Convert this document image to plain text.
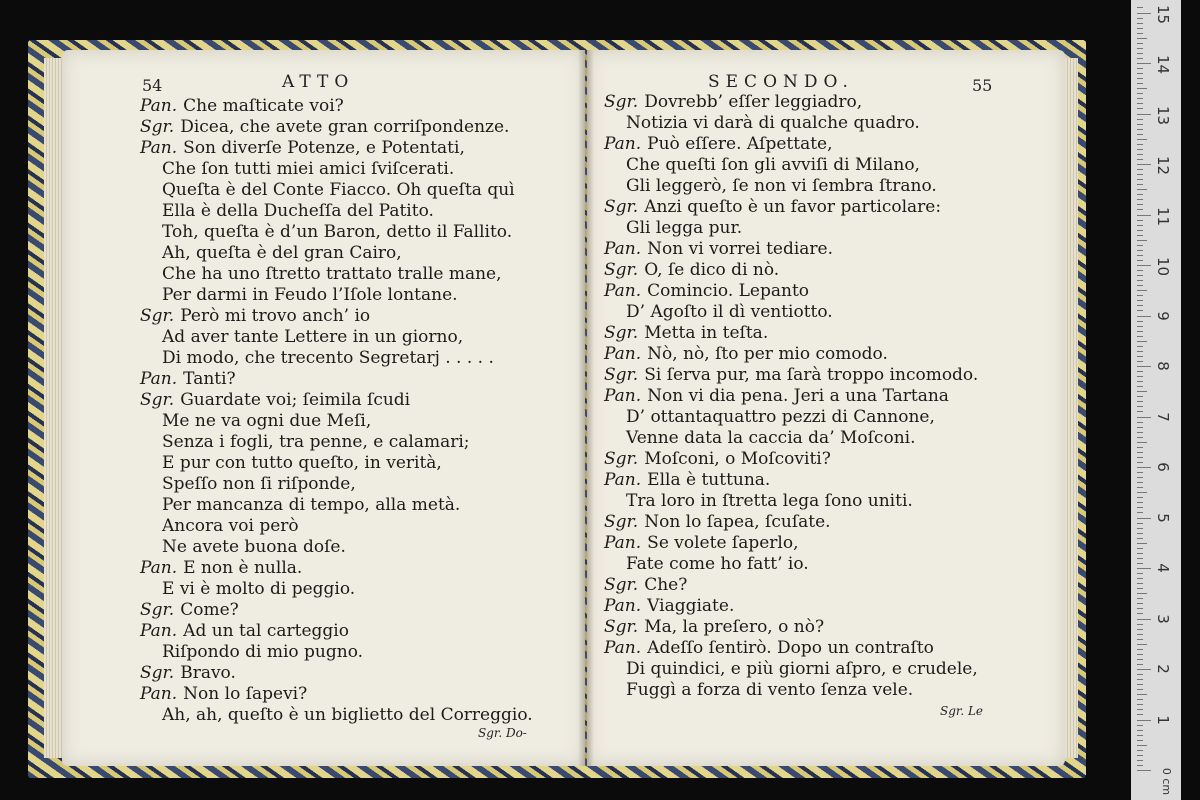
54	ATTO	SECONDO.	55
Pan. Che maſticate voi?
Sgr. Dicea, che avete gran corriſpondenze.
Pan. Son diverſe Potenze, e Potentati,
Che ſon tutti miei amici ſviſcerati.
Queſta è del Conte Fiacco. Oh queſta quì
Ella è della Ducheſſa del Patito.
Toh, queſta è d’un Baron, detto il Fallito.
Ah, queſta è del gran Cairo,
Che ha uno ſtretto trattato tralle mane,
Per darmi in Feudo l’Iſole lontane.
Sgr. Però mi trovo anch’ io
Ad aver tante Lettere in un giorno,
Di modo, che trecento Segretarj . . . . .
Pan. Tanti?
Sgr. Guardate voi; ſeimila ſcudi
Me ne va ogni due Meſi,
Senza i fogli, tra penne, e calamari;
E pur con tutto queſto, in verità,
Speſſo non ſi riſponde,
Per mancanza di tempo, alla metà.
Ancora voi però
Ne avete buona doſe.
Pan. E non è nulla.
E vi è molto di peggio.
Sgr. Come?
Pan. Ad un tal carteggio
Riſpondo di mio pugno.
Sgr. Bravo.
Pan. Non lo ſapevi?
Ah, ah, queſto è un biglietto del Correggio.
Sgr. Dovrebb’ eſſer leggiadro,
Notizia vi darà di qualche quadro.
Pan. Può eſſere. Aſpettate,
Che queſti ſon gli avviſi di Milano,
Gli leggerò, ſe non vi ſembra ſtrano.
Sgr. Anzi queſto è un favor particolare:
Gli legga pur.
Pan. Non vi vorrei tediare.
Sgr. O, ſe dico di nò.
Pan. Comincio. Lepanto
D’ Agoſto il dì ventiotto.
Sgr. Metta in teſta.
Pan. Nò, nò, ſto per mio comodo.
Sgr. Si ſerva pur, ma ſarà troppo incomodo.
Pan. Non vi dia pena. Jeri a una Tartana
D’ ottantaquattro pezzi di Cannone,
Venne data la caccia da’ Moſconi.
Sgr. Moſconi, o Moſcoviti?
Pan. Ella è tuttuna.
Tra loro in ſtretta lega ſono uniti.
Sgr. Non lo ſapea, ſcuſate.
Pan. Se volete ſaperlo,
Fate come ho fatt’ io.
Sgr. Che?
Pan. Viaggiate.
Sgr. Ma, la preſero, o nò?
Pan. Adeſſo ſentirò. Dopo un contraſto
Di quindici, e più giorni aſpro, e crudele,
Fuggì a forza di vento ſenza vele.
Sgr. Do-
Sgr. Le
0 cm
1
2
3
4
5
6
7
8
9
10
11
12
13
14
15
